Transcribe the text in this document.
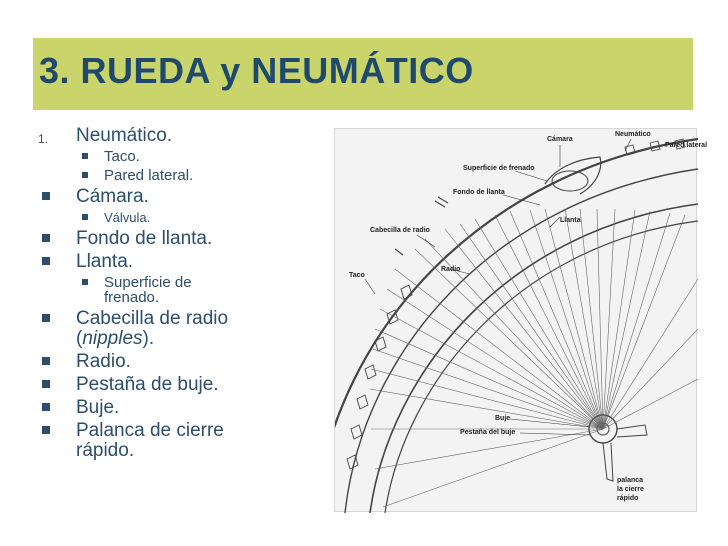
3. RUEDA y NEUMÁTICO
1. Neumático.
Taco.
Pared lateral.
Cámara.
Válvula.
Fondo de llanta.
Llanta.
Superficie de
frenado.
Cabecilla de radio
(nipples).
Radio.
Pestaña de buje.
Buje.
Palanca de cierre
rápido.
Cámara
Neumático
Pared lateral
Superficie de frenado
Fondo de llanta
Llanta
Cabecilla de radio
Radio
Taco
Buje
Pestaña del buje
palanca
la cierre
rápido
